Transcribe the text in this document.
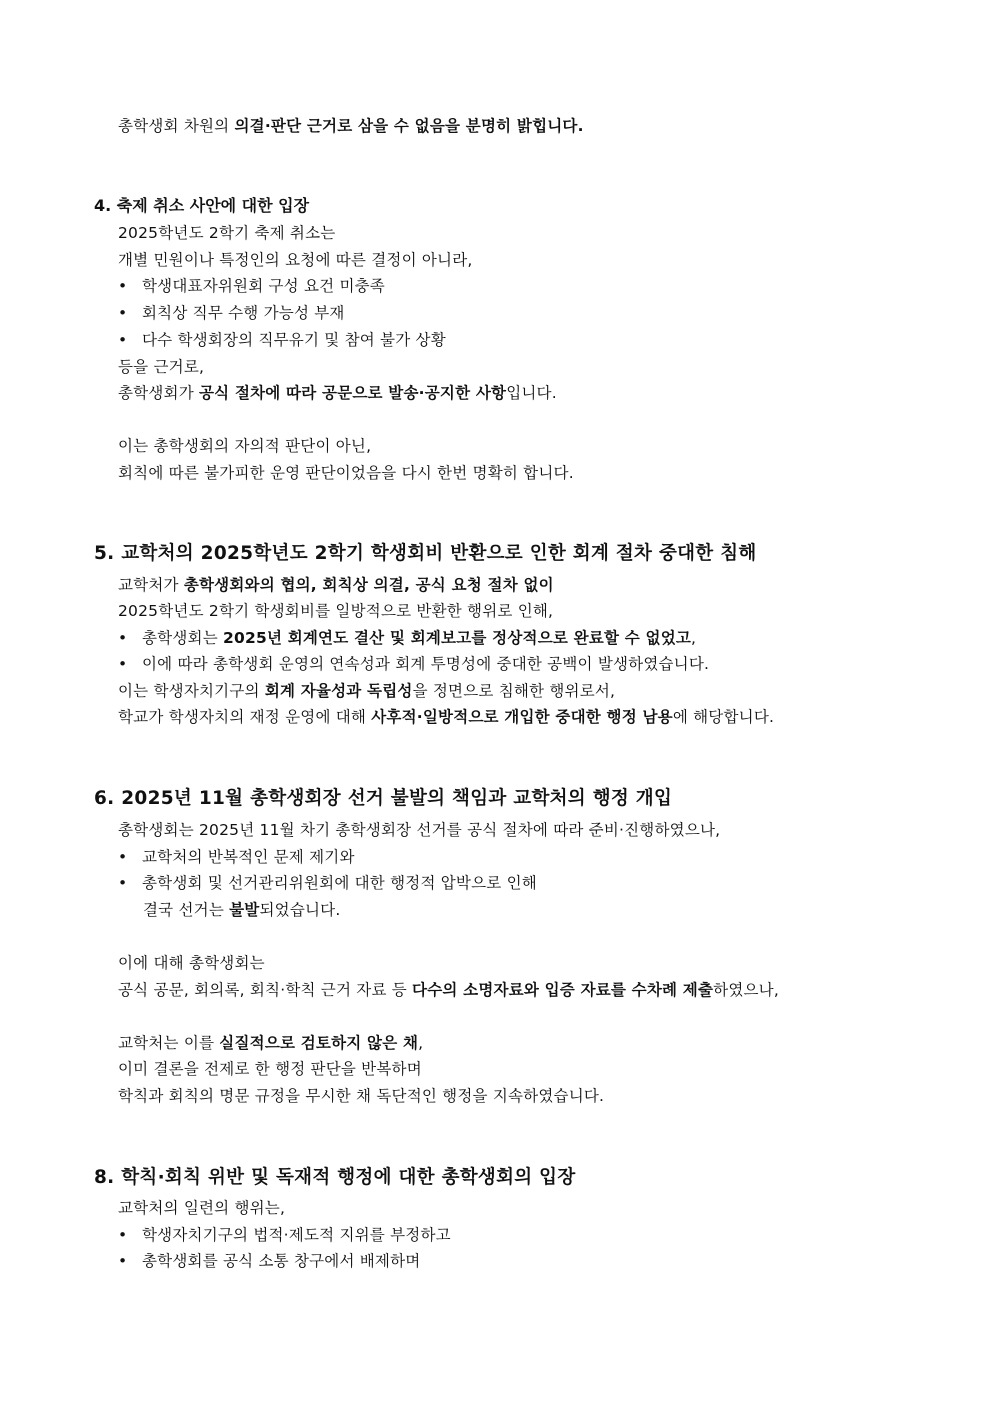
총학생회 차원의 의결·판단 근거로 삼을 수 없음을 분명히 밝힙니다.
4. 축제 취소 사안에 대한 입장
2025학년도 2학기 축제 취소는
개별 민원이나 특정인의 요청에 따른 결정이 아니라,
• 학생대표자위원회 구성 요건 미충족
• 회칙상 직무 수행 가능성 부재
• 다수 학생회장의 직무유기 및 참여 불가 상황
등을 근거로,
총학생회가 공식 절차에 따라 공문으로 발송·공지한 사항입니다.
이는 총학생회의 자의적 판단이 아닌,
회칙에 따른 불가피한 운영 판단이었음을 다시 한번 명확히 합니다.
5. 교학처의 2025학년도 2학기 학생회비 반환으로 인한 회계 절차 중대한 침해
교학처가 총학생회와의 협의, 회칙상 의결, 공식 요청 절차 없이
2025학년도 2학기 학생회비를 일방적으로 반환한 행위로 인해,
• 총학생회는 2025년 회계연도 결산 및 회계보고를 정상적으로 완료할 수 없었고,
• 이에 따라 총학생회 운영의 연속성과 회계 투명성에 중대한 공백이 발생하였습니다.
이는 학생자치기구의 회계 자율성과 독립성을 정면으로 침해한 행위로서,
학교가 학생자치의 재정 운영에 대해 사후적·일방적으로 개입한 중대한 행정 남용에 해당합니다.
6. 2025년 11월 총학생회장 선거 불발의 책임과 교학처의 행정 개입
총학생회는 2025년 11월 차기 총학생회장 선거를 공식 절차에 따라 준비·진행하였으나,
• 교학처의 반복적인 문제 제기와
• 총학생회 및 선거관리위원회에 대한 행정적 압박으로 인해
결국 선거는 불발되었습니다.
이에 대해 총학생회는
공식 공문, 회의록, 회칙·학칙 근거 자료 등 다수의 소명자료와 입증 자료를 수차례 제출하였으나,
교학처는 이를 실질적으로 검토하지 않은 채,
이미 결론을 전제로 한 행정 판단을 반복하며
학칙과 회칙의 명문 규정을 무시한 채 독단적인 행정을 지속하였습니다.
8. 학칙·회칙 위반 및 독재적 행정에 대한 총학생회의 입장
교학처의 일련의 행위는,
• 학생자치기구의 법적·제도적 지위를 부정하고
• 총학생회를 공식 소통 창구에서 배제하며
